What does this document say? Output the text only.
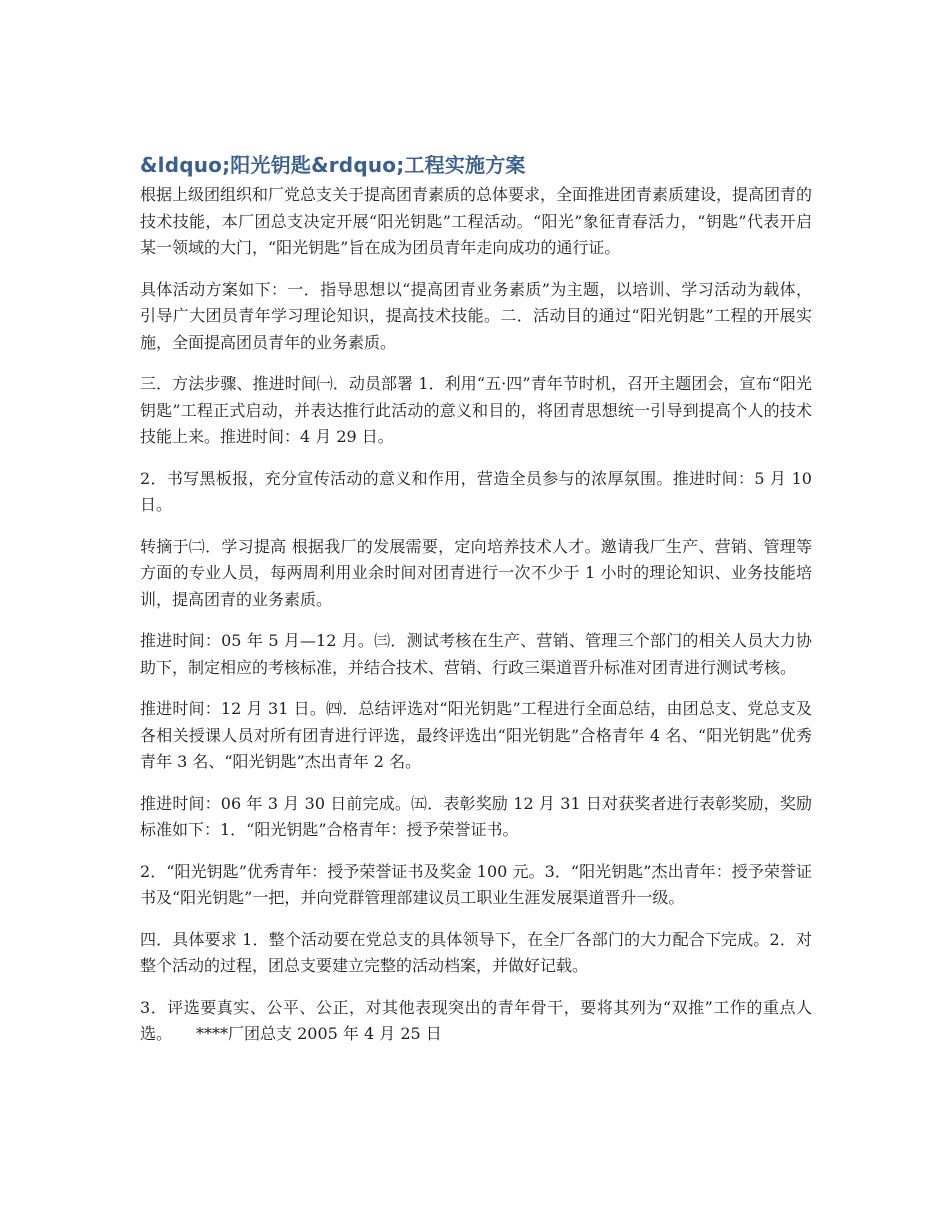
&ldquo;阳光钥匙&rdquo;工程实施方案

根据上级团组织和厂党总支关于提高团青素质的总体要求，全面推进团青素质建设，提高团青的技术技能，本厂团总支决定开展“阳光钥匙”工程活动。“阳光”象征青春活力，“钥匙”代表开启某一领域的大门，“阳光钥匙”旨在成为团员青年走向成功的通行证。

具体活动方案如下：一．指导思想以“提高团青业务素质”为主题，以培训、学习活动为载体，引导广大团员青年学习理论知识，提高技术技能。二．活动目的通过“阳光钥匙”工程的开展实施，全面提高团员青年的业务素质。

三．方法步骤、推进时间㈠．动员部署 1．利用“五·四”青年节时机，召开主题团会，宣布“阳光钥匙”工程正式启动，并表达推行此活动的意义和目的，将团青思想统一引导到提高个人的技术技能上来。推进时间：4 月 29 日。

2．书写黑板报，充分宣传活动的意义和作用，营造全员参与的浓厚氛围。推进时间：5 月 10 日。

转摘于㈡．学习提高 根据我厂的发展需要，定向培养技术人才。邀请我厂生产、营销、管理等方面的专业人员，每两周利用业余时间对团青进行一次不少于 1 小时的理论知识、业务技能培训，提高团青的业务素质。

推进时间：05 年 5 月—12 月。㈢．测试考核在生产、营销、管理三个部门的相关人员大力协助下，制定相应的考核标准，并结合技术、营销、行政三渠道晋升标准对团青进行测试考核。

推进时间：12 月 31 日。㈣．总结评选对“阳光钥匙”工程进行全面总结，由团总支、党总支及各相关授课人员对所有团青进行评选，最终评选出“阳光钥匙”合格青年 4 名、“阳光钥匙”优秀青年 3 名、“阳光钥匙”杰出青年 2 名。

推进时间：06 年 3 月 30 日前完成。㈤．表彰奖励 12 月 31 日对获奖者进行表彰奖励，奖励标准如下：1．“阳光钥匙”合格青年：授予荣誉证书。

2．“阳光钥匙”优秀青年：授予荣誉证书及奖金 100 元。3．“阳光钥匙”杰出青年：授予荣誉证书及“阳光钥匙”一把，并向党群管理部建议员工职业生涯发展渠道晋升一级。

四．具体要求 1．整个活动要在党总支的具体领导下，在全厂各部门的大力配合下完成。2．对整个活动的过程，团总支要建立完整的活动档案，并做好记载。

3．评选要真实、公平、公正，对其他表现突出的青年骨干，要将其列为“双推”工作的重点人选。　　****厂团总支 2005 年 4 月 25 日
